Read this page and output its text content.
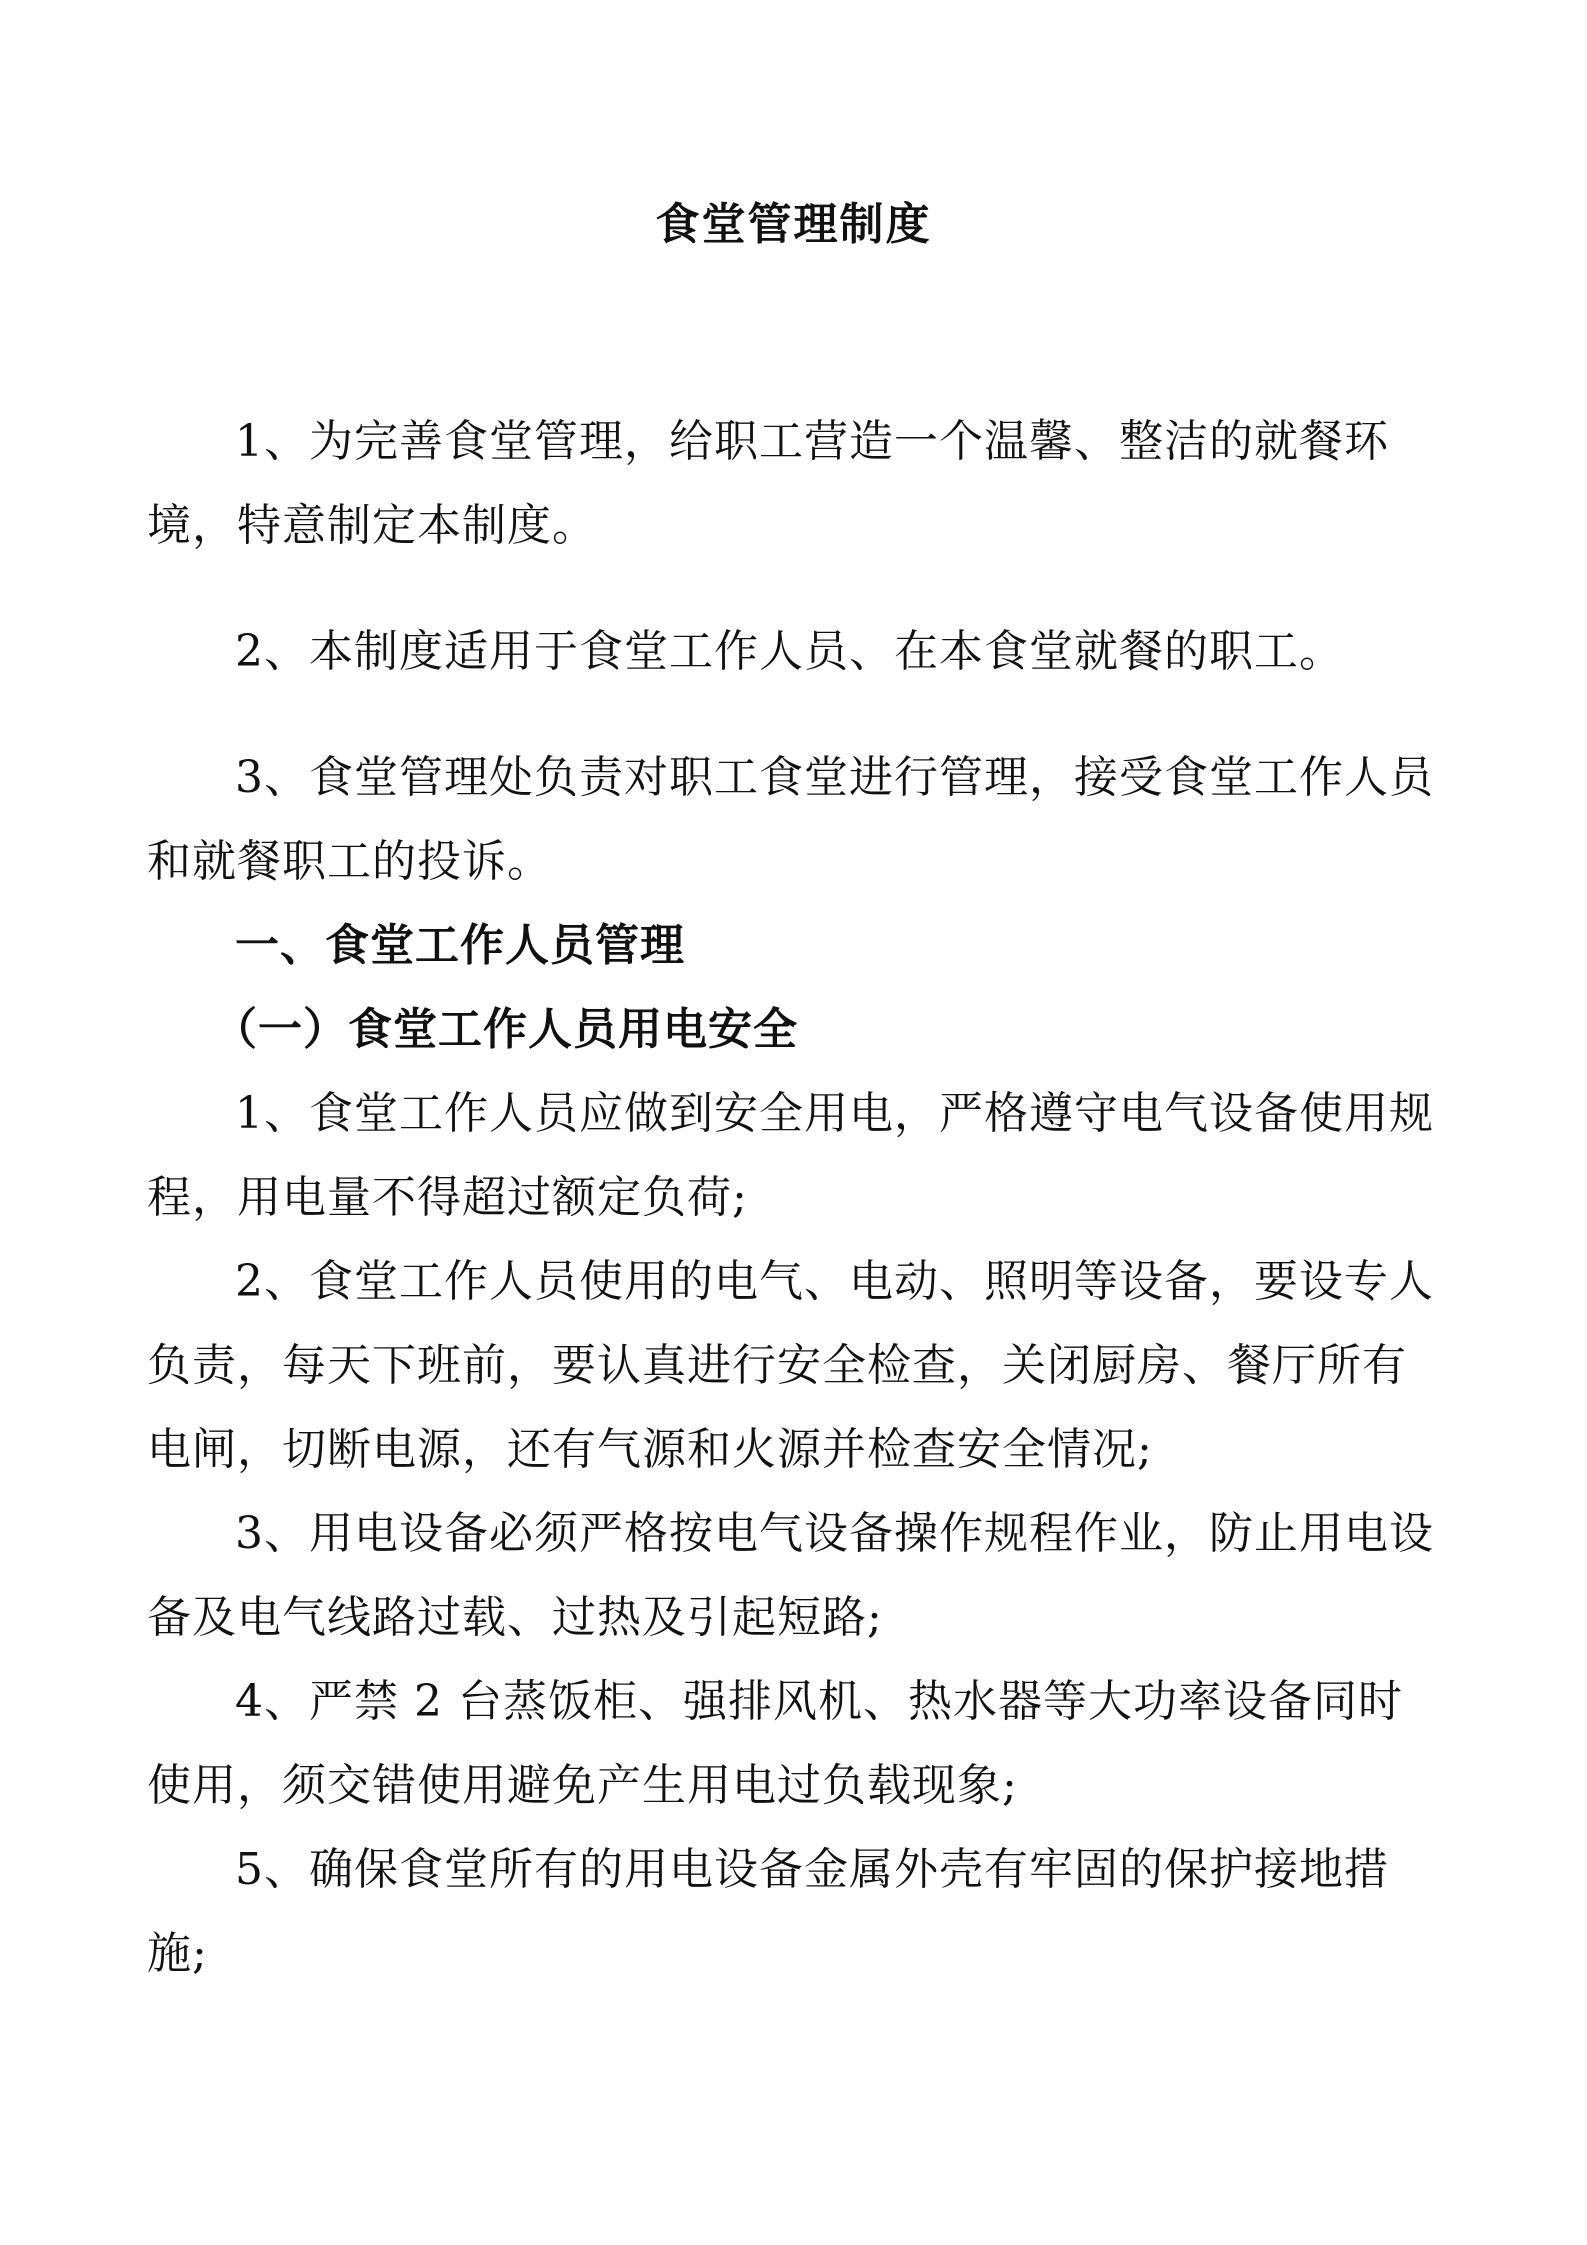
食堂管理制度

1、为完善食堂管理，给职工营造一个温馨、整洁的就餐环境，特意制定本制度。

2、本制度适用于食堂工作人员、在本食堂就餐的职工。

3、食堂管理处负责对职工食堂进行管理，接受食堂工作人员和就餐职工的投诉。

一、食堂工作人员管理
（一）食堂工作人员用电安全

1、食堂工作人员应做到安全用电，严格遵守电气设备使用规程，用电量不得超过额定负荷;

2、食堂工作人员使用的电气、电动、照明等设备，要设专人负责，每天下班前，要认真进行安全检查，关闭厨房、餐厅所有电闸，切断电源，还有气源和火源并检查安全情况;

3、用电设备必须严格按电气设备操作规程作业，防止用电设备及电气线路过载、过热及引起短路;

4、严禁 2 台蒸饭柜、强排风机、热水器等大功率设备同时使用，须交错使用避免产生用电过负载现象;

5、确保食堂所有的用电设备金属外壳有牢固的保护接地措施;
